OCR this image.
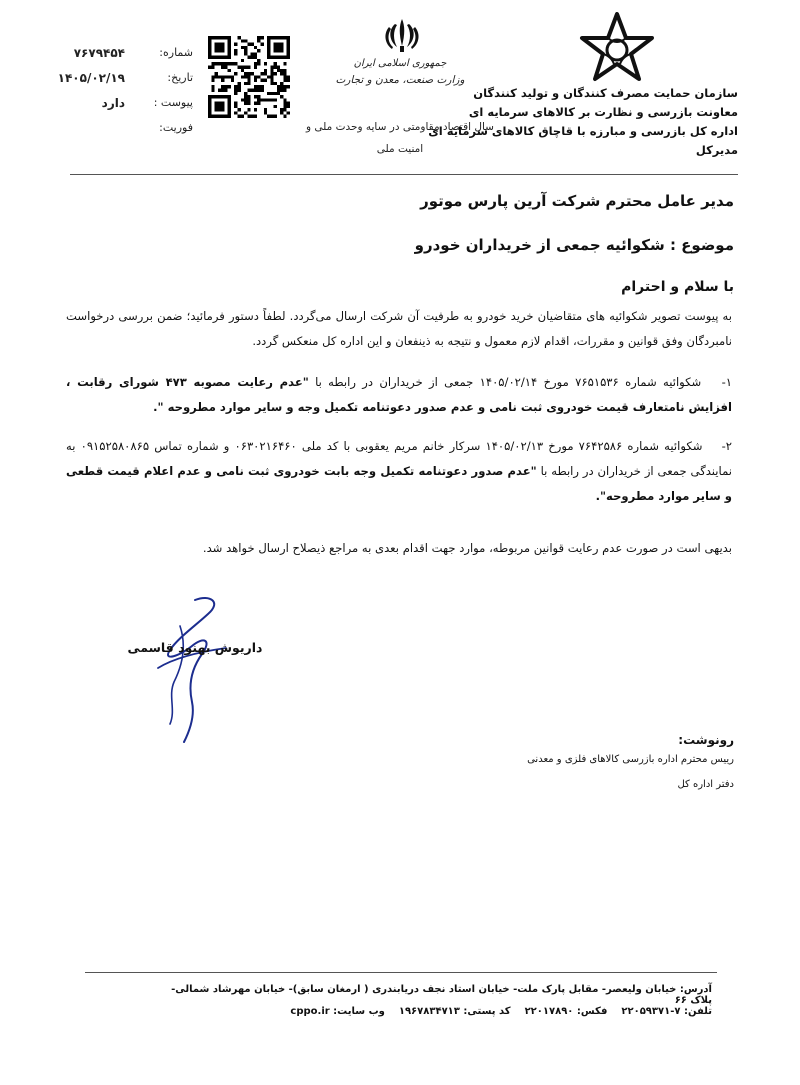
سازمان حمایت مصرف کنندگان و تولید کنندگان
معاونت بازرسی و نظارت بر کالاهای سرمایه ای
اداره کل بازرسی و مبارزه با قاچاق کالاهای سرمایه ای
مدیرکل
جمهوری اسلامی ایران
وزارت صنعت، معدن و تجارت
سال اقتصاد مقاومتی در سایه وحدت ملی و امنیت ملی
شماره:
۷۶۷۹۴۵۴
تاریخ:
۱۴۰۵/۰۲/۱۹
پیوست :
دارد
فوریت:
مدیر عامل محترم شرکت آرین پارس موتور
موضوع : شکوائیه جمعی از خریداران خودرو
با سلام و احترام
به پیوست تصویر شکوائیه های متقاضیان خرید خودرو به طرفیت آن شرکت ارسال می‌گردد. لطفاً دستور فرمائید؛ ضمن بررسی درخواست نامبردگان وفق قوانین و مقررات، اقدام لازم معمول و نتیجه به ذینفعان و این اداره کل منعکس گردد.
۱- شکوائیه شماره ۷۶۵۱۵۳۶ مورخ ۱۴۰۵/۰۲/۱۴ جمعی از خریداران در رابطه با "عدم رعایت مصوبه ۴۷۳ شورای رقابت ، افزایش نامتعارف قیمت خودروی ثبت نامی و عدم صدور دعوتنامه تکمیل وجه و سایر موارد مطروحه ".
۲- شکوائیه شماره ۷۶۴۲۵۸۶ مورخ ۱۴۰۵/۰۲/۱۳ سرکار خانم مریم یعقوبی با کد ملی ۰۶۳۰۲۱۶۴۶۰ و شماره تماس ۰۹۱۵۲۵۸۰۸۶۵ به نمایندگی جمعی از خریداران در رابطه با "عدم صدور دعوتنامه تکمیل وجه بابت خودروی ثبت نامی و عدم اعلام قیمت قطعی و سایر موارد مطروحه".
بدیهی است در صورت عدم رعایت قوانین مربوطه، موارد جهت اقدام بعدی به مراجع ذیصلاح ارسال خواهد شد.
داریوش بهنود قاسمی
رونوشت:
رییس محترم اداره بازرسی کالاهای فلزی و معدنی
دفتر اداره کل
آدرس: خیابان ولیعصر- مقابل پارک ملت- خیابان استاد نجف دریابندری ( ارمغان سابق)- خیابان مهرشاد شمالی- پلاک ۶۶
تلفن: ۷-۲۲۰۵۹۳۷۱
فکس: ۲۲۰۱۷۸۹۰
کد پستی: ۱۹۶۷۸۳۴۷۱۳
وب سایت: cppo.ir
